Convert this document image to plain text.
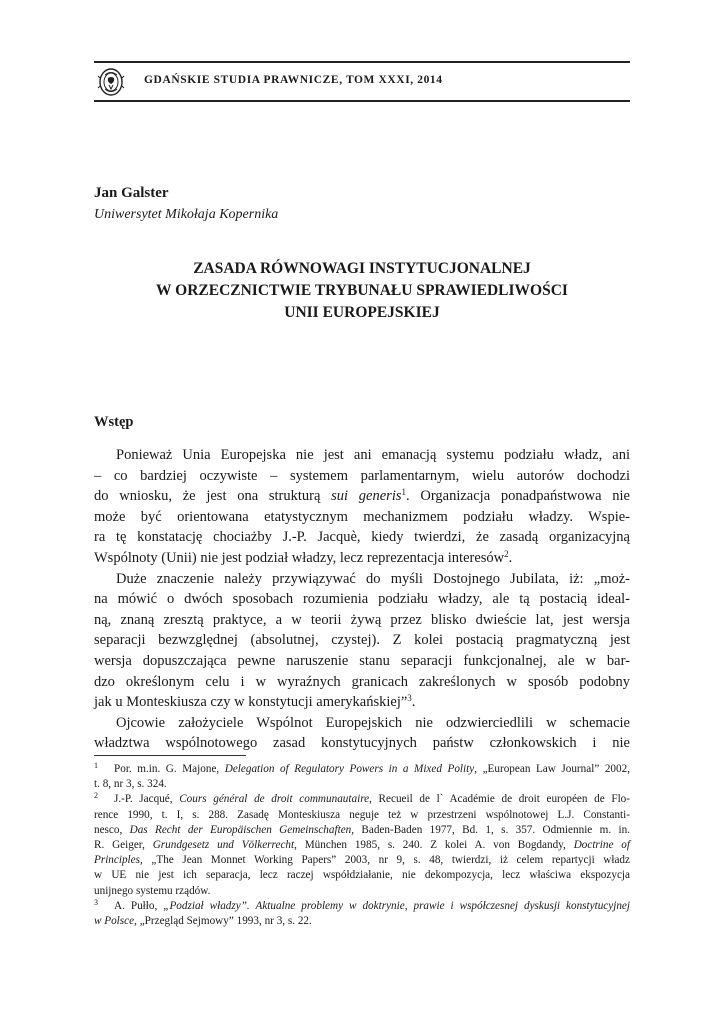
GDAŃSKIE STUDIA PRAWNICZE, TOM XXXI, 2014
Jan Galster
Uniwersytet Mikołaja Kopernika
ZASADA RÓWNOWAGI INSTYTUCJONALNEJ
W ORZECZNICTWIE TRYBUNAŁU SPRAWIEDLIWOŚCI
UNII EUROPEJSKIEJ
Wstęp
Ponieważ Unia Europejska nie jest ani emanacją systemu podziału władz, ani
– co bardziej oczywiste – systemem parlamentarnym, wielu autorów dochodzi
do wniosku, że jest ona strukturą sui generis$^1$. Organizacja ponadpaństwowa nie
może być orientowana etatystycznym mechanizmem podziału władzy. Wspie-
ra tę konstatację chociażby J.-P. Jacquè, kiedy twierdzi, że zasadą organizacyjną
Wspólnoty (Unii) nie jest podział władzy, lecz reprezentacja interesów$^2$.
Duże znaczenie należy przywiązywać do myśli Dostojnego Jubilata, iż: „moż-
na mówić o dwóch sposobach rozumienia podziału władzy, ale tą postacią ideal-
ną, znaną zresztą praktyce, a w teorii żywą przez blisko dwieście lat, jest wersja
separacji bezwzględnej (absolutnej, czystej). Z kolei postacią pragmatyczną jest
wersja dopuszczająca pewne naruszenie stanu separacji funkcjonalnej, ale w bar-
dzo określonym celu i w wyraźnych granicach zakreślonych w sposób podobny
jak u Monteskiusza czy w konstytucji amerykańskiej”$^3$.
Ojcowie założyciele Wspólnot Europejskich nie odzwierciedlili w schemacie
władztwa wspólnotowego zasad konstytucyjnych państw członkowskich i nie
1 Por. m.in. G. Majone, Delegation of Regulatory Powers in a Mixed Polity, „European Law Journal” 2002,
t. 8, nr 3, s. 324.
2 J.-P. Jacqué, Cours général de droit communautaire, Recueil de l` Académie de droit européen de Flo-
rence 1990, t. I, s. 288. Zasadę Monteskiusza neguje też w przestrzeni wspólnotowej L.J. Constanti-
nesco, Das Recht der Europäischen Gemeinschaften, Baden-Baden 1977, Bd. 1, s. 357. Odmiennie m. in.
R. Geiger, Grundgesetz und Völkerrecht, München 1985, s. 240. Z kolei A. von Bogdandy, Doctrine of
Principles, „The Jean Monnet Working Papers” 2003, nr 9, s. 48, twierdzi, iż celem repartycji władz
w UE nie jest ich separacja, lecz raczej współdziałanie, nie dekompozycja, lecz właściwa ekspozycja
unijnego systemu rządów.
3 A. Pułło, „Podział władzy”. Aktualne problemy w doktrynie, prawie i współczesnej dyskusji konstytucyjnej
w Polsce, „Przegląd Sejmowy” 1993, nr 3, s. 22.
